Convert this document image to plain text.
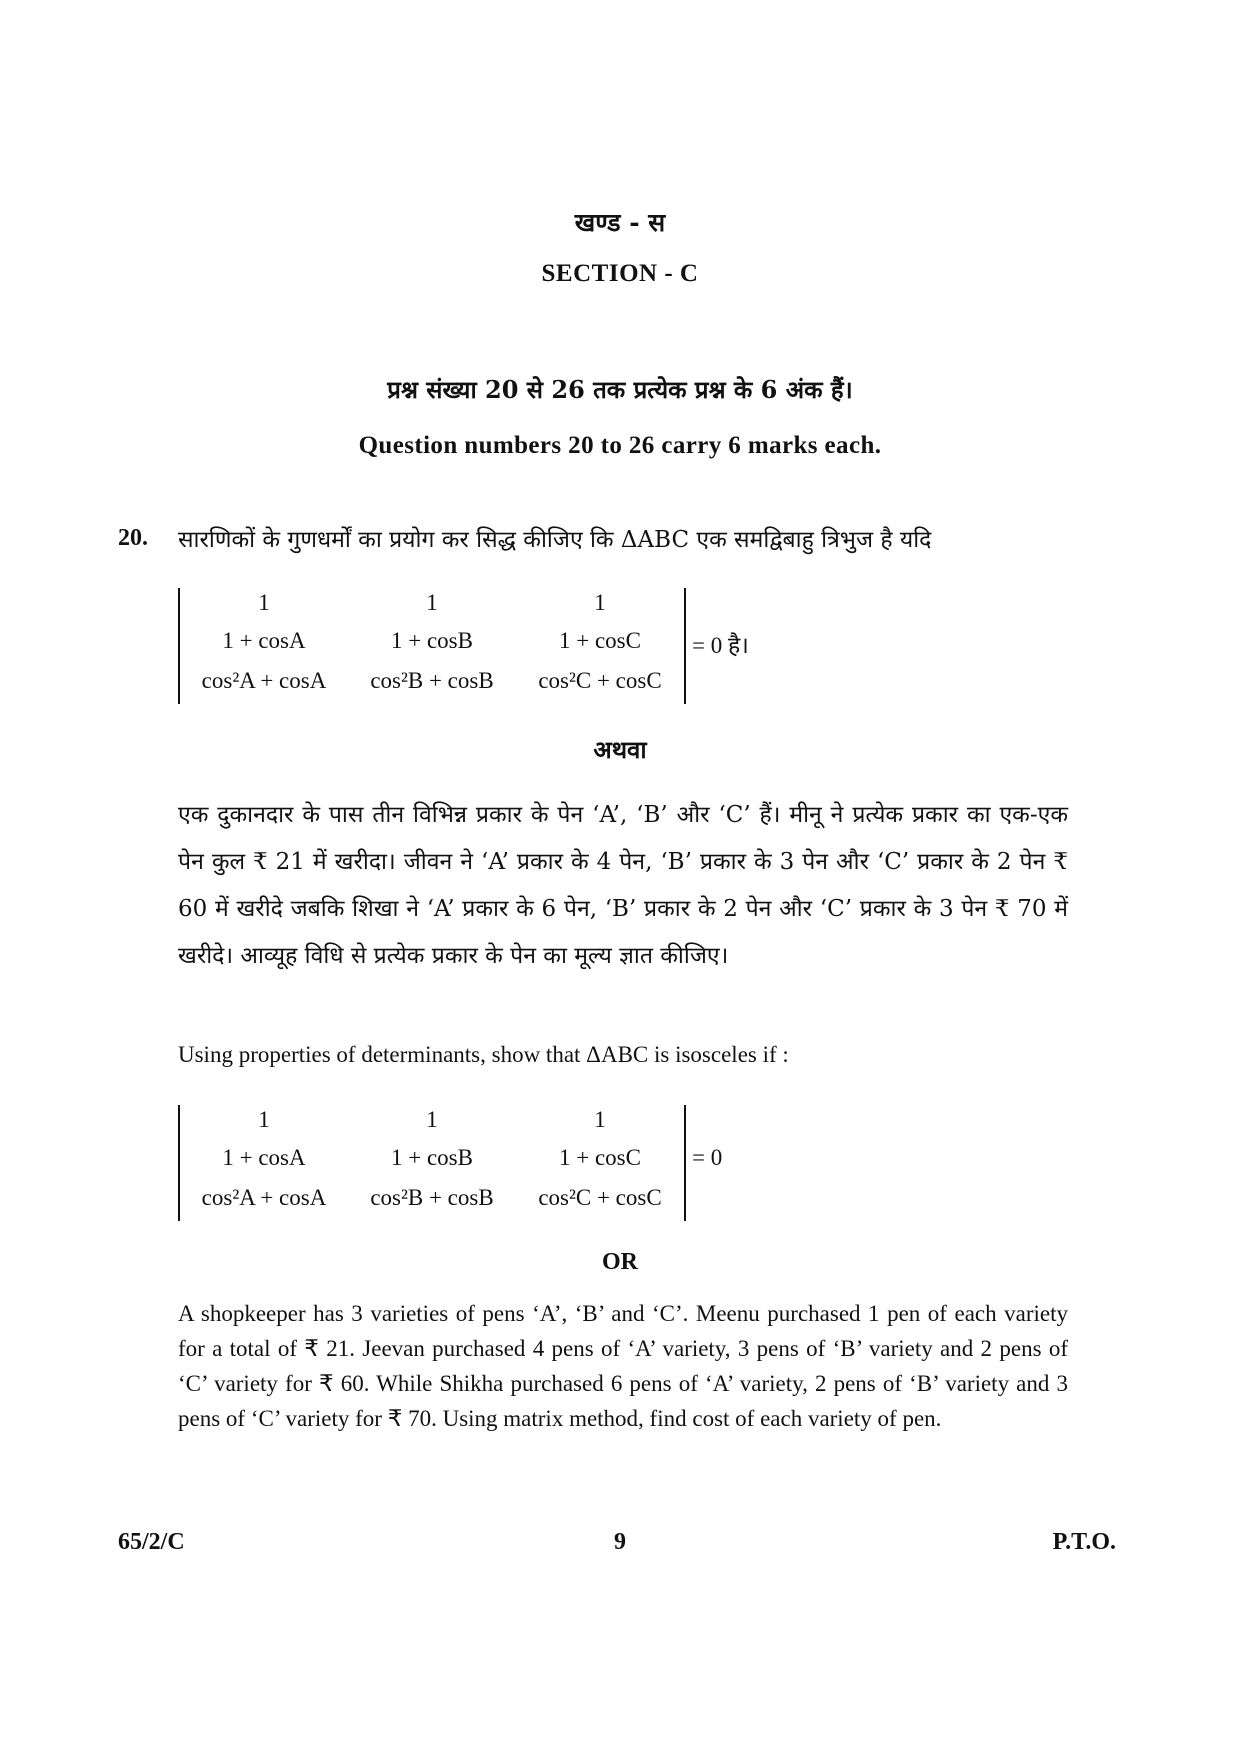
खण्ड - स
SECTION - C
प्रश्न संख्या 20 से 26 तक प्रत्येक प्रश्न के 6 अंक हैं।
Question numbers 20 to 26 carry 6 marks each.
20. सारणिकों के गुणधर्मों का प्रयोग कर सिद्ध कीजिए कि ΔABC एक समद्विबाहु त्रिभुज है यदि
1	1	1
1 + cosA	1 + cosB	1 + cosC
cos²A + cosA	cos²B + cosB	cos²C + cosC
= 0 है।
अथवा
एक दुकानदार के पास तीन विभिन्न प्रकार के पेन ‘A’, ‘B’ और ‘C’ हैं। मीनू ने प्रत्येक प्रकार का एक-एक पेन कुल ₹ 21 में खरीदा। जीवन ने ‘A’ प्रकार के 4 पेन, ‘B’ प्रकार के 3 पेन और ‘C’ प्रकार के 2 पेन ₹ 60 में खरीदे जबकि शिखा ने ‘A’ प्रकार के 6 पेन, ‘B’ प्रकार के 2 पेन और ‘C’ प्रकार के 3 पेन ₹ 70 में खरीदे। आव्यूह विधि से प्रत्येक प्रकार के पेन का मूल्य ज्ञात कीजिए।
Using properties of determinants, show that ΔABC is isosceles if :
1	1	1
1 + cosA	1 + cosB	1 + cosC
cos²A + cosA	cos²B + cosB	cos²C + cosC
= 0
OR
A shopkeeper has 3 varieties of pens ‘A’, ‘B’ and ‘C’. Meenu purchased 1 pen of each variety for a total of ₹ 21. Jeevan purchased 4 pens of ‘A’ variety, 3 pens of ‘B’ variety and 2 pens of ‘C’ variety for ₹ 60. While Shikha purchased 6 pens of ‘A’ variety, 2 pens of ‘B’ variety and 3 pens of ‘C’ variety for ₹ 70. Using matrix method, find cost of each variety of pen.
65/2/C	9	P.T.O.
